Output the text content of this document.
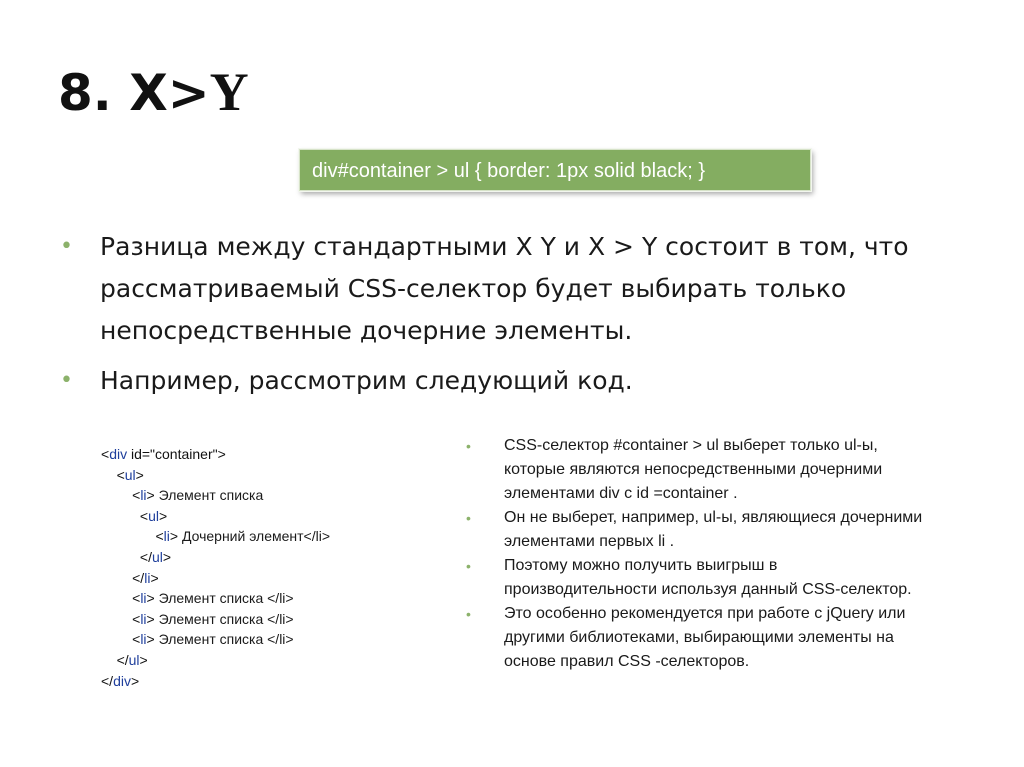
8. X>Y
div#container > ul { border: 1px solid black; }
• Разница между стандартными X Y и X > Y состоит в том, что рассматриваемый CSS-селектор будет выбирать только непосредственные дочерние элементы.
• Например, рассмотрим следующий код.
<div id="container">
<ul>
<li> Элемент списка
<ul>
<li> Дочерний элемент</li>
</ul>
</li>
<li> Элемент списка </li>
<li> Элемент списка </li>
<li> Элемент списка </li>
</ul>
</div>
• CSS-селектор #container > ul выберет только ul-ы, которые являются непосредственными дочерними элементами div с id =container .
• Он не выберет, например, ul-ы, являющиеся дочерними элементами первых li .
• Поэтому можно получить выигрыш в производительности используя данный CSS-селектор.
• Это особенно рекомендуется при работе с jQuery или другими библиотеками, выбирающими элементы на основе правил CSS -селекторов.
